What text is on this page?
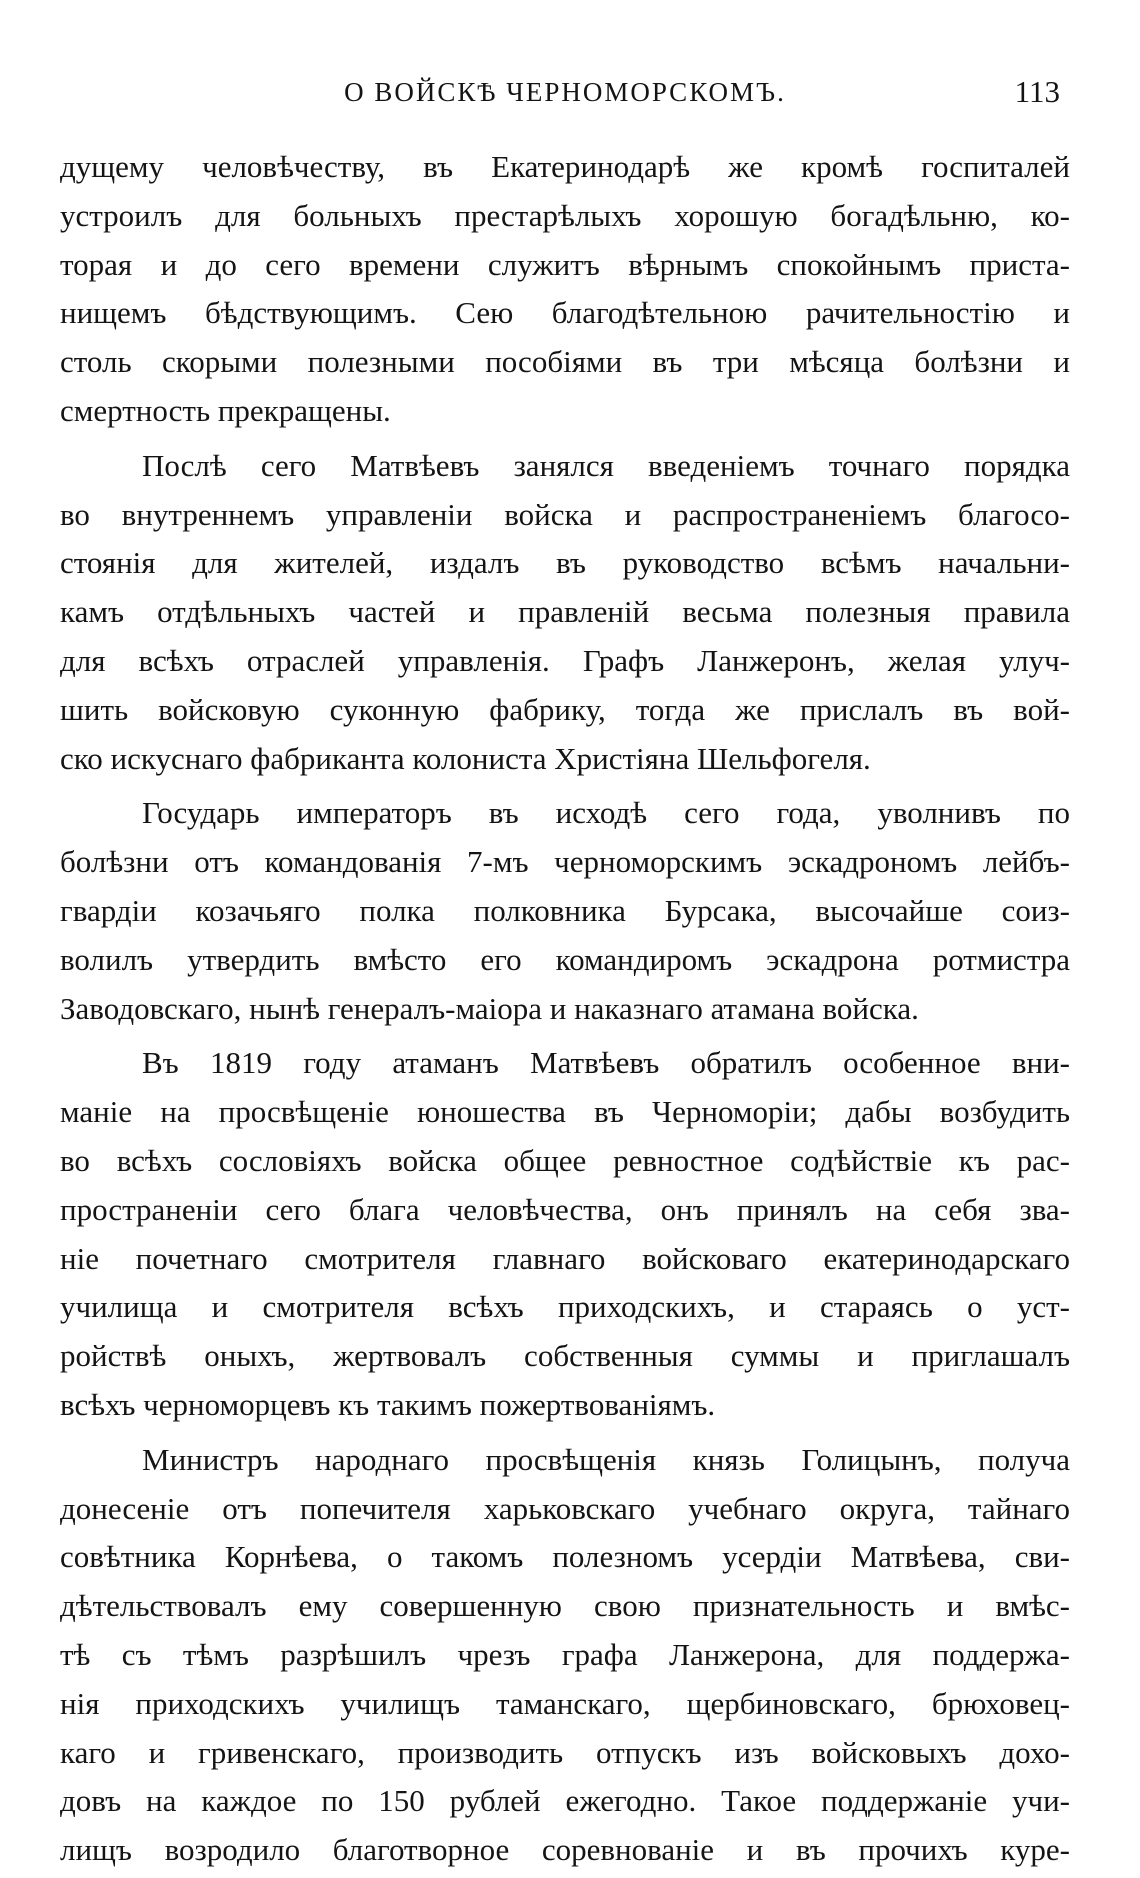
О ВОЙСКѢ ЧЕРНОМОРСКОМЪ.	113
дущему человѣчеству, въ Екатеринодарѣ же кромѣ госпиталей
устроилъ для больныхъ престарѣлыхъ хорошую богадѣльню, ко-
торая и до сего времени служитъ вѣрнымъ спокойнымъ приста-
нищемъ бѣдствующимъ. Сею благодѣтельною рачительностію и
столь скорыми полезными пособіями въ три мѣсяца болѣзни и
смертность прекращены.
Послѣ сего Матвѣевъ занялся введеніемъ точнаго порядка
во внутреннемъ управленіи войска и распространеніемъ благосо-
стоянія для жителей, издалъ въ руководство всѣмъ начальни-
камъ отдѣльныхъ частей и правленій весьма полезныя правила
для всѣхъ отраслей управленія. Графъ Ланжеронъ, желая улуч-
шить войсковую суконную фабрику, тогда же прислалъ въ вой-
ско искуснаго фабриканта колониста Христіяна Шельфогеля.
Государь императоръ въ исходѣ сего года, уволнивъ по
болѣзни отъ командованія 7-мъ черноморскимъ эскадрономъ лейбъ-
гвардіи козачьяго полка полковника Бурсака, высочайше соиз-
волилъ утвердить вмѣсто его командиромъ эскадрона ротмистра
Заводовскаго, нынѣ генералъ-маіора и наказнаго атамана войска.
Въ 1819 году атаманъ Матвѣевъ обратилъ особенное вни-
маніе на просвѣщеніе юношества въ Черноморіи; дабы возбудить
во всѣхъ сословіяхъ войска общее ревностное содѣйствіе къ рас-
пространеніи сего блага человѣчества, онъ принялъ на себя зва-
ніе почетнаго смотрителя главнаго войсковаго екатеринодарскаго
училища и смотрителя всѣхъ приходскихъ, и стараясь о уст-
ройствѣ оныхъ, жертвовалъ собственныя суммы и приглашалъ
всѣхъ черноморцевъ къ такимъ пожертвованіямъ.
Министръ народнаго просвѣщенія князь Голицынъ, получа
донесеніе отъ попечителя харьковскаго учебнаго округа, тайнаго
совѣтника Корнѣева, о такомъ полезномъ усердіи Матвѣева, сви-
дѣтельствовалъ ему совершенную свою признательность и вмѣс-
тѣ съ тѣмъ разрѣшилъ чрезъ графа Ланжерона, для поддержа-
нія приходскихъ училищъ таманскаго, щербиновскаго, брюховец-
каго и гривенскаго, производить отпускъ изъ войсковыхъ дохо-
довъ на каждое по 150 рублей ежегодно. Такое поддержаніе учи-
лищъ возродило благотворное соревнованіе и въ прочихъ куре-
